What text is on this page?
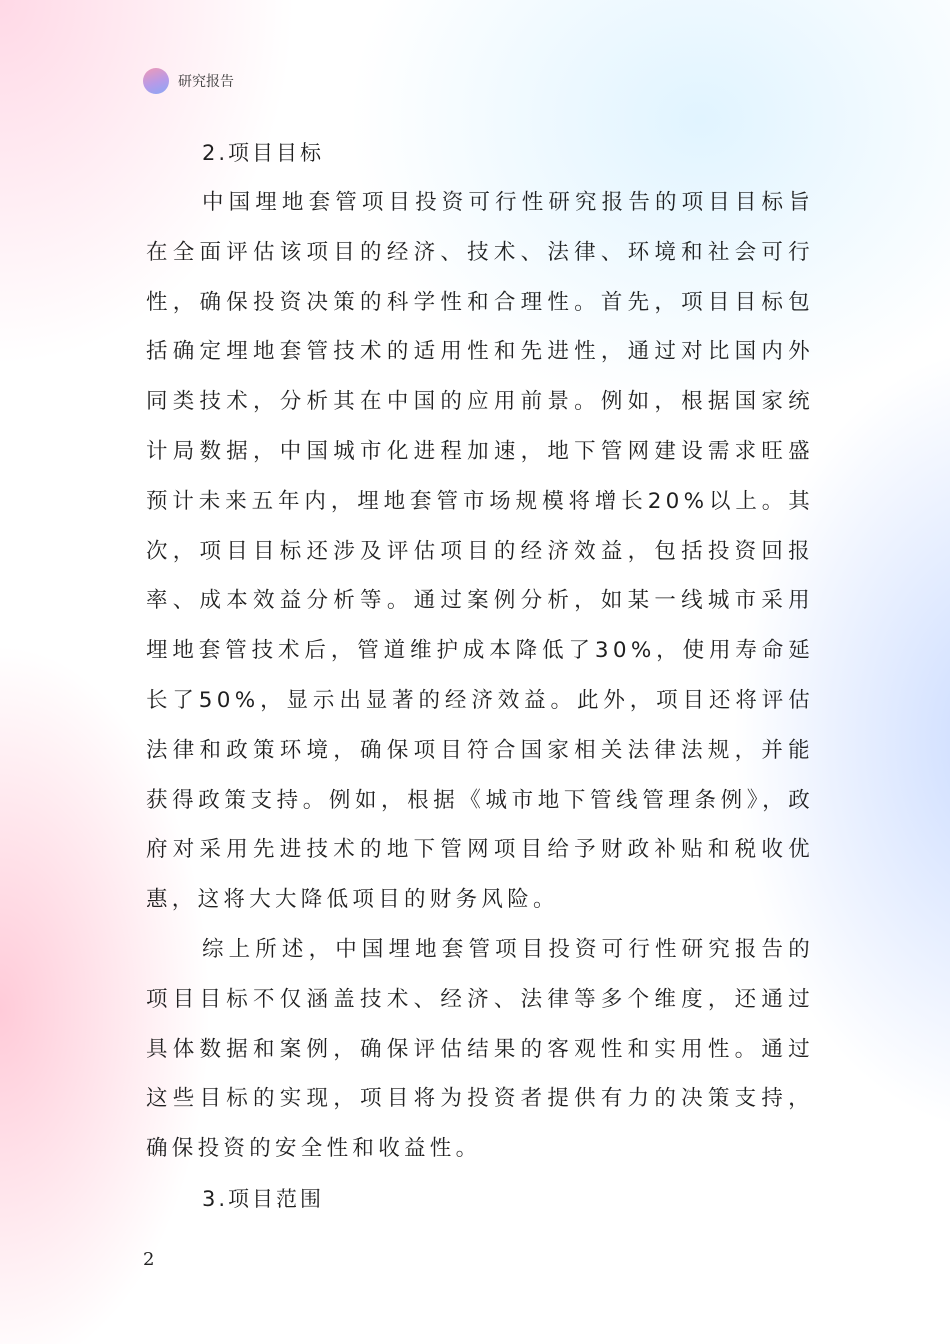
研究报告
2.项目目标

中国埋地套管项目投资可行性研究报告的项目目标旨在全面评估该项目的经济、技术、法律、环境和社会可行性，确保投资决策的科学性和合理性。首先，项目目标包括确定埋地套管技术的适用性和先进性，通过对比国内外同类技术，分析其在中国的应用前景。例如，根据国家统计局数据，中国城市化进程加速，地下管网建设需求旺盛预计未来五年内，埋地套管市场规模将增长20%以上。其次，项目目标还涉及评估项目的经济效益，包括投资回报率、成本效益分析等。通过案例分析，如某一线城市采用埋地套管技术后，管道维护成本降低了30%，使用寿命延长了50%，显示出显著的经济效益。此外，项目还将评估法律和政策环境，确保项目符合国家相关法律法规，并能获得政策支持。例如，根据《城市地下管线管理条例》，政府对采用先进技术的地下管网项目给予财政补贴和税收优惠，这将大大降低项目的财务风险。

综上所述，中国埋地套管项目投资可行性研究报告的项目目标不仅涵盖技术、经济、法律等多个维度，还通过具体数据和案例，确保评估结果的客观性和实用性。通过这些目标的实现，项目将为投资者提供有力的决策支持，确保投资的安全性和收益性。

3.项目范围
2
